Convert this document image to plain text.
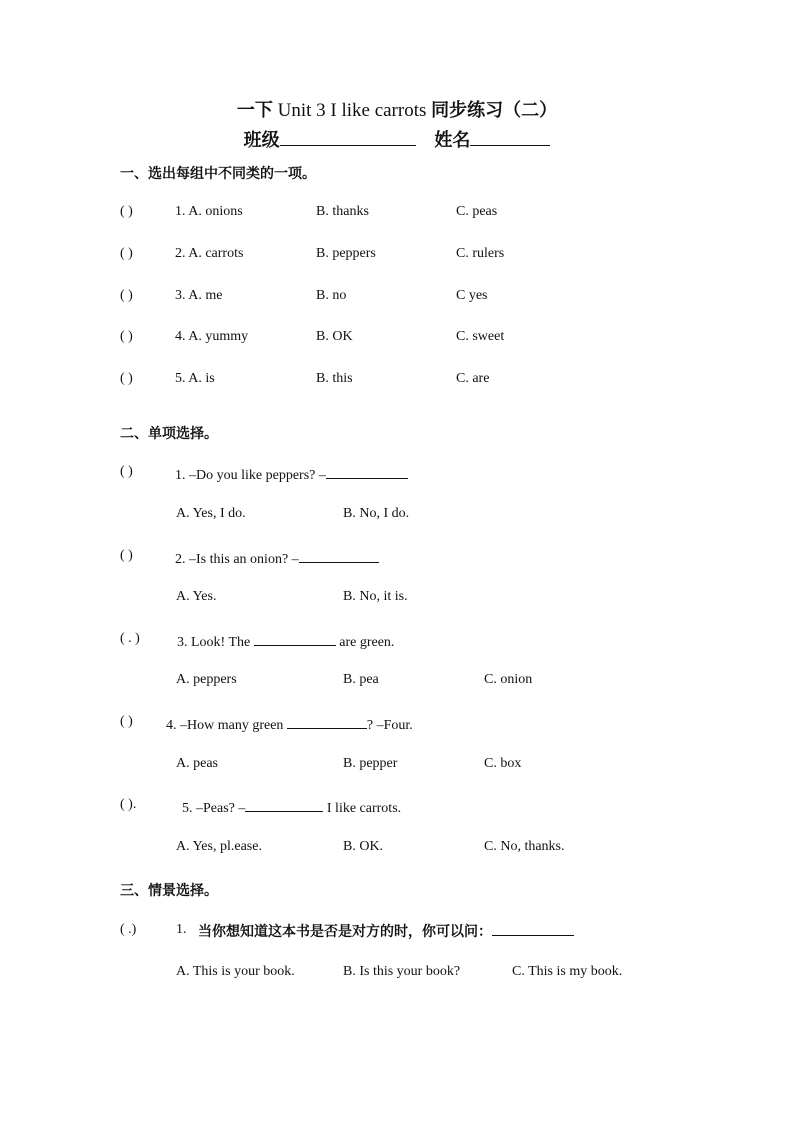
一下 Unit 3 I like carrots 同步练习（二）
班级	姓名
一、选出每组中不同类的一项。
( )	1. A. onions	B. thanks	C. peas
( )	2. A. carrots	B. peppers	C. rulers
( )	3. A. me	B. no	C yes
( )	4. A. yummy	B. OK	C. sweet
( )	5. A. is	B. this	C. are
二、单项选择。
( )	1. –Do you like peppers? –
A. Yes, I do.	B. No, I do.
( )	2. –Is this an onion? –
A. Yes.	B. No, it is.
( . )	3. Look! The	are green.
A. peppers	B. pea	C. onion
( ) 4. –How many green	? –Four.
A. peas	B. pepper	C. box
( ).	5. –Peas? –	I like carrots.
A. Yes, pl.ease.	B. OK.	C. No, thanks.
三、情景选择。
( .)	1. 当你想知道这本书是否是对方的时，你可以问：
A. This is your book.	B. Is this your book?	C. This is my book.
